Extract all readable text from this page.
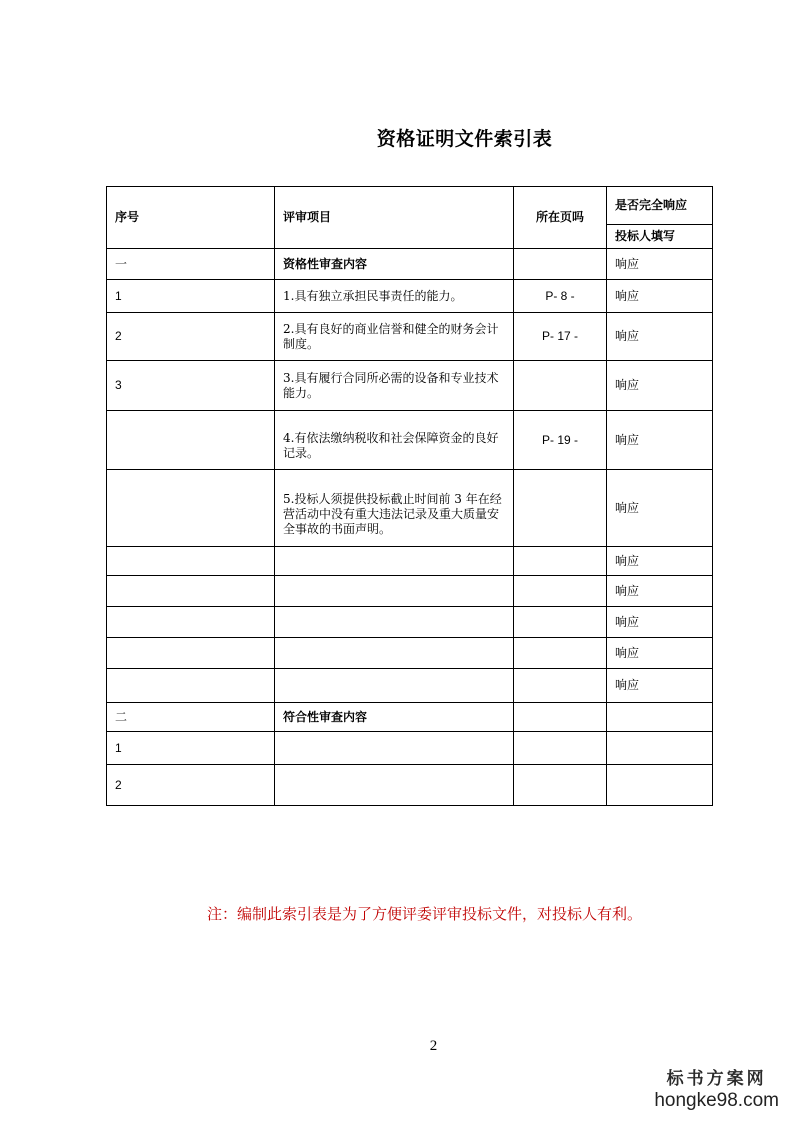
资格证明文件索引表
序号	评审项目	所在页吗	是否完全响应
			投标人填写
一	资格性审查内容		响应
1	1.具有独立承担民事责任的能力。	P- 8 -	响应
2	2.具有良好的商业信誉和健全的财务会计制度。	P- 17 -	响应
3	3.具有履行合同所必需的设备和专业技术能力。		响应
	4.有依法缴纳税收和社会保障资金的良好记录。	P- 19 -	响应
	5.投标人须提供投标截止时间前 3 年在经营活动中没有重大违法记录及重大质量安全事故的书面声明。		响应
			响应
			响应
			响应
			响应
			响应
二	符合性审查内容		
1			
2			
注：编制此索引表是为了方便评委评审投标文件，对投标人有利。
2
标书方案网
hongke98.com
